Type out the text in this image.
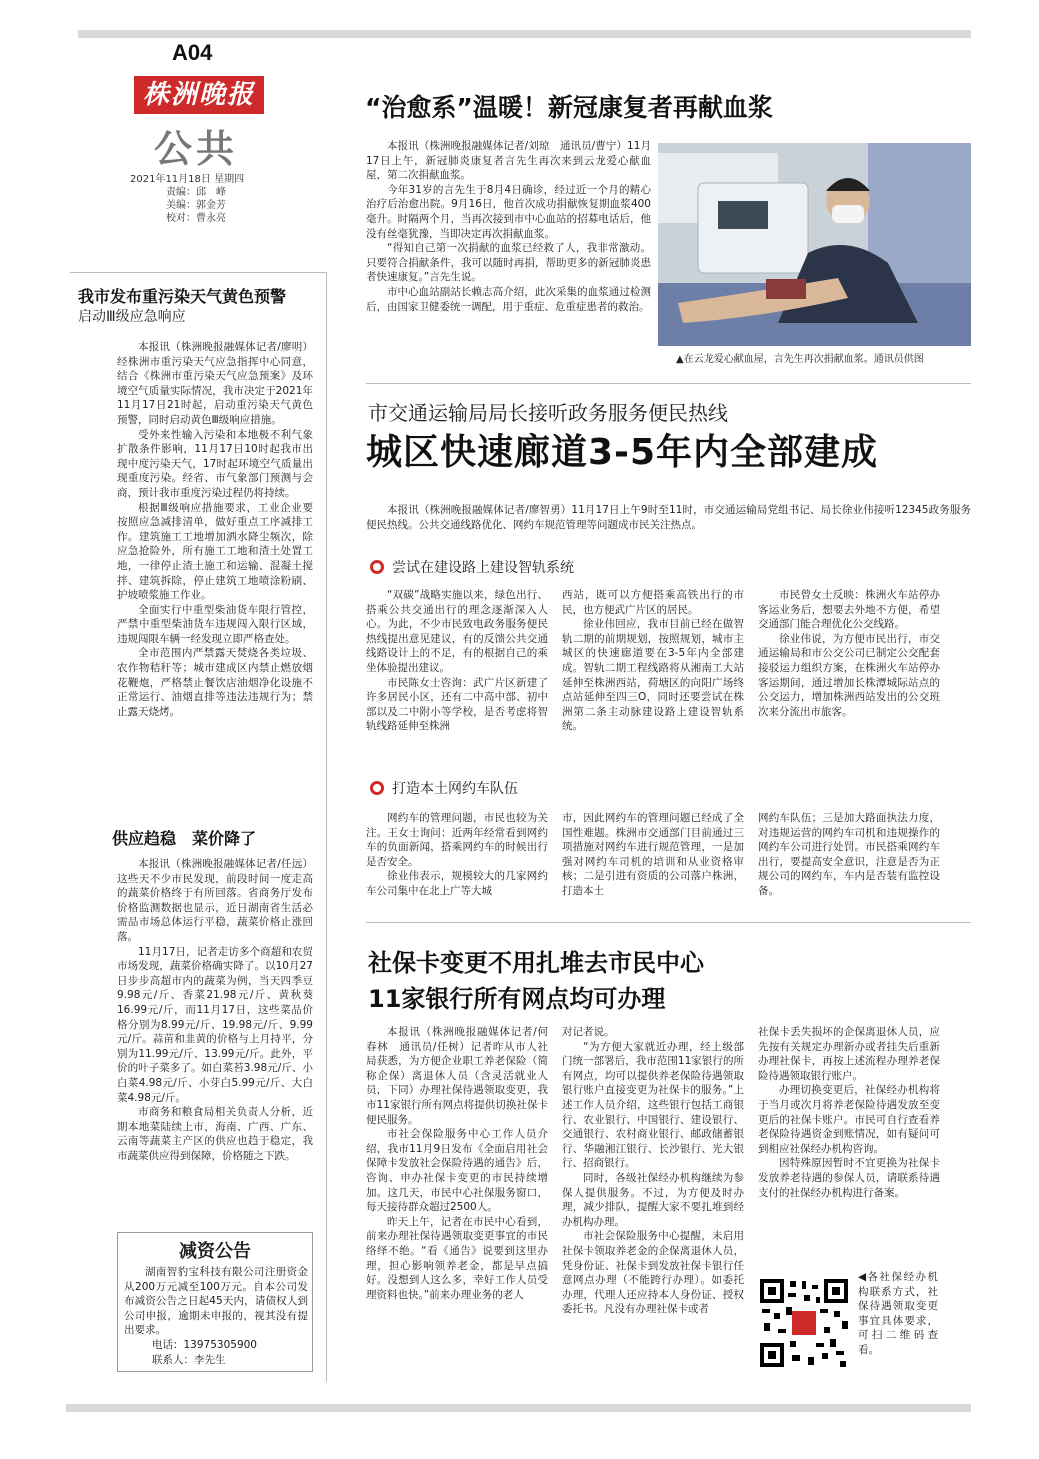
A04
株洲晚报
公共
2021年11月18日 星期四
责编：邱　峰
美编：郭金芳
校对：曹永亮
“治愈系”温暖！新冠康复者再献血浆

本报讯（株洲晚报融媒体记者/刘琼　通讯员/曹宁）11月17日上午，新冠肺炎康复者言先生再次来到云龙爱心献血屋，第二次捐献血浆。

今年31岁的言先生于8月4日确诊，经过近一个月的精心治疗后治愈出院。9月16日，他首次成功捐献恢复期血浆400毫升。时隔两个月，当再次接到市中心血站的招募电话后，他没有丝毫犹豫，当即决定再次捐献血浆。

“得知自己第一次捐献的血浆已经救了人，我非常激动。只要符合捐献条件，我可以随时再捐，帮助更多的新冠肺炎患者快速康复。”言先生说。

市中心血站副站长赖志高介绍，此次采集的血浆通过检测后，由国家卫健委统一调配，用于重症、危重症患者的救治。

▲在云龙爱心献血屋，言先生再次捐献血浆。通讯员供图
我市发布重污染天气黄色预警
启动Ⅲ级应急响应

本报讯（株洲晚报融媒体记者/廖明）经株洲市重污染天气应急指挥中心同意，结合《株洲市重污染天气应急预案》及环境空气质量实际情况，我市决定于2021年11月17日21时起，启动重污染天气黄色预警，同时启动黄色Ⅲ级响应措施。

受外来性输入污染和本地极不利气象扩散条件影响，11月17日10时起我市出现中度污染天气，17时起环境空气质量出现重度污染。经省、市气象部门预测与会商，预计我市重度污染过程仍将持续。

根据Ⅲ级响应措施要求，工业企业要按照应急减排清单，做好重点工序减排工作。建筑施工工地增加洒水降尘频次，除应急抢险外，所有施工工地和渣土处置工地，一律停止渣土施工和运输、混凝土搅拌、建筑拆除，停止建筑工地喷涂粉刷、护坡喷浆施工作业。

全面实行中重型柴油货车限行管控，严禁中重型柴油货车违规闯入限行区域，违规闯限车辆一经发现立即严格查处。

全市范围内严禁露天焚烧各类垃圾、农作物秸秆等；城市建成区内禁止燃放烟花鞭炮，严格禁止餐饮店油烟净化设施不正常运行、油烟直排等违法违规行为；禁止露天烧烤。

供应趋稳　菜价降了

本报讯（株洲晚报融媒体记者/任远）这些天不少市民发现，前段时间一度走高的蔬菜价格终于有所回落。省商务厅发布价格监测数据也显示，近日湖南省生活必需品市场总体运行平稳，蔬菜价格止涨回落。

11月17日，记者走访多个商超和农贸市场发现，蔬菜价格确实降了。以10月27日步步高超市内的蔬菜为例，当天四季豆9.98元/斤、香菜21.98元/斤、黄秋葵16.99元/斤，而11月17日，这些菜品价格分别为8.99元/斤、19.98元/斤、9.99元/斤。蒜苗和韭黄的价格与上月持平，分别为11.99元/斤、13.99元/斤。此外，平价的叶子菜多了。如白菜苔3.98元/斤、小白菜4.98元/斤、小芽白5.99元/斤、大白菜4.98元/斤。

市商务和粮食局相关负责人分析，近期本地菜陆续上市，海南、广西、广东、云南等蔬菜主产区的供应也趋于稳定，我市蔬菜供应得到保障，价格随之下跌。

减资公告

湖南智豹宝科技有限公司注册资金从200万元减至100万元。自本公司发布减资公告之日起45天内，请债权人到公司申报，逾期未申报的，视其没有提出要求。

电话：13975305900
联系人：李先生
市交通运输局局长接听政务服务便民热线
城区快速廊道3-5年内全部建成

本报讯（株洲晚报融媒体记者/廖智勇）11月17日上午9时至11时，市交通运输局党组书记、局长徐业伟接听12345政务服务便民热线。公共交通线路优化、网约车规范管理等问题成市民关注热点。

尝试在建设路上建设智轨系统

“双碳”战略实施以来，绿色出行、搭乘公共交通出行的理念逐渐深入人心。为此，不少市民致电政务服务便民热线提出意见建议，有的反馈公共交通线路设计上的不足，有的根据自己的乘坐体验提出建议。

市民陈女士咨询：武广片区新建了许多居民小区，还有二中高中部、初中部以及二中附小等学校，是否考虑将智轨线路延伸至株洲

西站，既可以方便搭乘高铁出行的市民，也方便武广片区的居民。

徐业伟回应，我市目前已经在做智轨二期的前期规划，按照规划，城市主城区的快速廊道要在3-5年内全部建成。智轨二期工程线路将从湘南工大站延伸至株洲西站，荷塘区的向阳广场终点站延伸至四三O，同时还要尝试在株洲第二条主动脉建设路上建设智轨系统。

市民曾女士反映：株洲火车站停办客运业务后，想要去外地不方便，希望交通部门能合理优化公交线路。

徐业伟说，为方便市民出行，市交通运输局和市公交公司已制定公交配套接驳运力组织方案，在株洲火车站停办客运期间，通过增加长株潭城际站点的公交运力，增加株洲西站发出的公交班次来分流出市旅客。

打造本土网约车队伍

网约车的管理问题，市民也较为关注。王女士询问：近两年经常看到网约车的负面新闻，搭乘网约车的时候出行是否安全。

徐业伟表示，规模较大的几家网约车公司集中在北上广等大城

市，因此网约车的管理问题已经成了全国性难题。株洲市交通部门目前通过三项措施对网约车进行规范管理，一是加强对网约车司机的培训和从业资格审核；二是引进有资质的公司落户株洲，打造本土

网约车队伍；三是加大路面执法力度，对违规运营的网约车司机和违规操作的网约车公司进行处罚。市民搭乘网约车出行，要提高安全意识，注意是否为正规公司的网约车，车内是否装有监控设备。

社保卡变更不用扎堆去市民中心
11家银行所有网点均可办理

本报讯（株洲晚报融媒体记者/何春林　通讯员/任树）记者昨从市人社局获悉，为方便企业职工养老保险（简称企保）离退休人员（含灵活就业人员，下同）办理社保待遇领取变更，我市11家银行所有网点将提供切换社保卡便民服务。

市社会保险服务中心工作人员介绍，我市11月9日发布《全面启用社会保障卡发放社会保险待遇的通告》后，咨询、申办社保卡变更的市民持续增加。这几天，市民中心社保服务窗口，每天接待群众超过2500人。

昨天上午，记者在市民中心看到，前来办理社保待遇领取变更事宜的市民络绎不绝。“看《通告》说要到这里办理，担心影响领养老金，都是早点搞好。没想到人这么多，幸好工作人员受理资料也快。”前来办理业务的老人

对记者说。

“为方便大家就近办理，经上级部门统一部署后，我市范围11家银行的所有网点，均可以提供养老保险待遇领取银行账户直接变更为社保卡的服务。”上述工作人员介绍，这些银行包括工商银行、农业银行、中国银行、建设银行、交通银行、农村商业银行、邮政储蓄银行、华融湘江银行、长沙银行、光大银行、招商银行。

同时，各级社保经办机构继续为参保人提供服务。不过，为方便及时办理，减少排队，提醒大家不要扎堆到经办机构办理。

市社会保险服务中心提醒，未启用社保卡领取养老金的企保离退休人员，凭身份证、社保卡到发放社保卡银行任意网点办理（不能跨行办理）。如委托办理，代理人还应持本人身份证、授权委托书。凡没有办理社保卡或者

社保卡丢失损坏的企保离退休人员，应先按有关规定办理新办或者挂失后重新办理社保卡，再按上述流程办理养老保险待遇领取银行账户。

办理切换变更后，社保经办机构将于当月或次月将养老保险待遇发放至变更后的社保卡账户。市民可自行查看养老保险待遇资金到账情况，如有疑问可到相应社保经办机构咨询。

因特殊原因暂时不宜更换为社保卡发放养老待遇的参保人员，请联系待遇支付的社保经办机构进行备案。

◀各社保经办机构联系方式，社保待遇领取变更事宜具体要求，可扫二维码查看。
